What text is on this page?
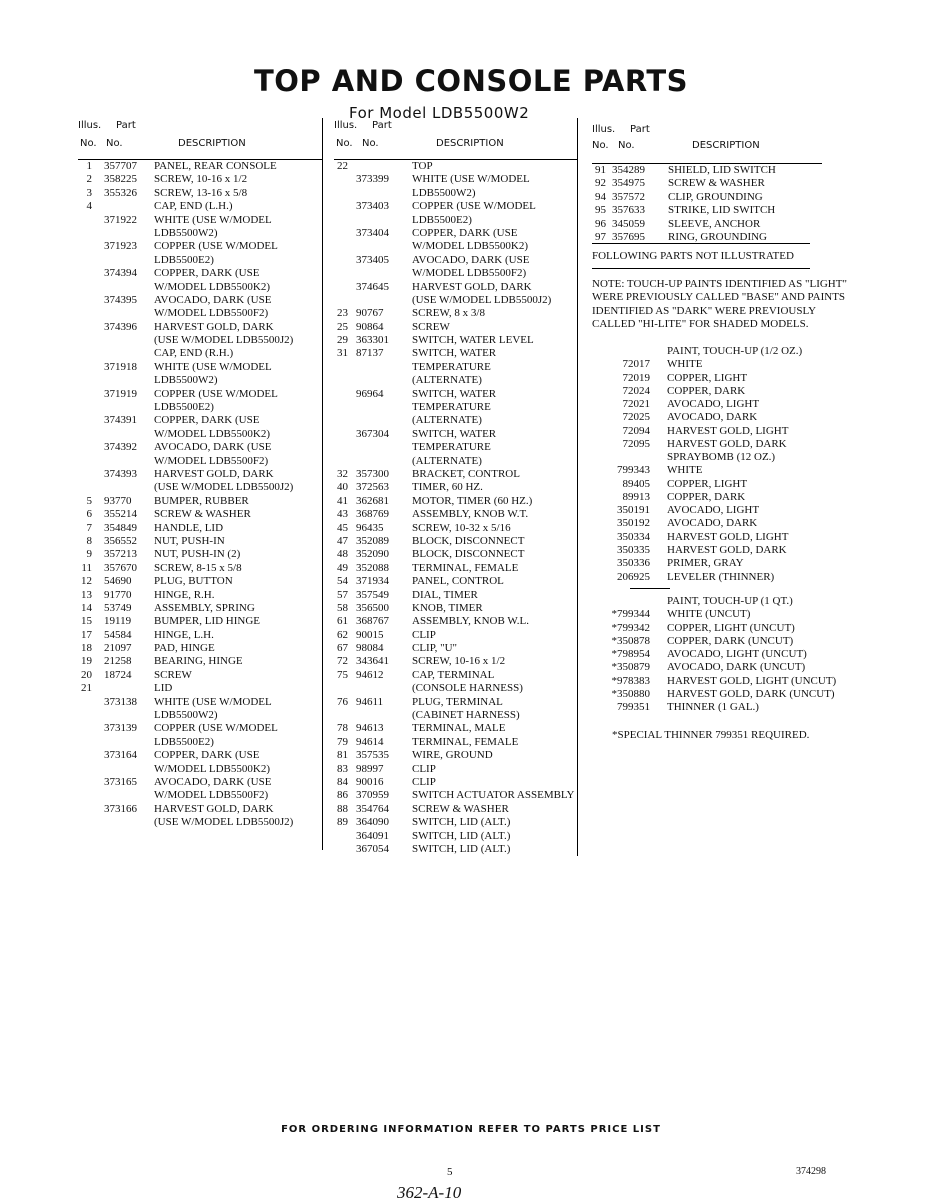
TOP AND CONSOLE PARTS
For Model LDB5500W2
Illus. Part
No. No.	DESCRIPTION
1 357707 PANEL, REAR CONSOLE
2 358225 SCREW, 10-16 x 1/2
3 355326 SCREW, 13-16 x 5/8
4	CAP, END (L.H.)
371922 WHITE (USE W/MODEL
LDB5500W2)
371923 COPPER (USE W/MODEL
LDB5500E2)
374394 COPPER, DARK (USE
W/MODEL LDB5500K2)
374395 AVOCADO, DARK (USE
W/MODEL LDB5500F2)
374396 HARVEST GOLD, DARK
(USE W/MODEL LDB5500J2)
CAP, END (R.H.)
371918 WHITE (USE W/MODEL
LDB5500W2)
371919 COPPER (USE W/MODEL
LDB5500E2)
374391 COPPER, DARK (USE
W/MODEL LDB5500K2)
374392 AVOCADO, DARK (USE
W/MODEL LDB5500F2)
374393 HARVEST GOLD, DARK
(USE W/MODEL LDB5500J2)
5 93770 BUMPER, RUBBER
6 355214 SCREW & WASHER
7 354849 HANDLE, LID
8 356552 NUT, PUSH-IN
9 357213 NUT, PUSH-IN (2)
11 357670 SCREW, 8-15 x 5/8
12 54690 PLUG, BUTTON
13 91770 HINGE, R.H.
14 53749 ASSEMBLY, SPRING
15 19119 BUMPER, LID HINGE
17 54584 HINGE, L.H.
18 21097 PAD, HINGE
19 21258 BEARING, HINGE
20 18724 SCREW
21	LID
373138 WHITE (USE W/MODEL
LDB5500W2)
373139 COPPER (USE W/MODEL
LDB5500E2)
373164 COPPER, DARK (USE
W/MODEL LDB5500K2)
373165 AVOCADO, DARK (USE
W/MODEL LDB5500F2)
373166 HARVEST GOLD, DARK
(USE W/MODEL LDB5500J2)
Illus. Part
No. No.	DESCRIPTION
22	TOP
373399 WHITE (USE W/MODEL
LDB5500W2)
373403 COPPER (USE W/MODEL
LDB5500E2)
373404 COPPER, DARK (USE
W/MODEL LDB5500K2)
373405 AVOCADO, DARK (USE
W/MODEL LDB5500F2)
374645 HARVEST GOLD, DARK
(USE W/MODEL LDB5500J2)
23 90767	SCREW, 8 x 3/8
25 90864	SCREW
29 363301 SWITCH, WATER LEVEL
31 87137	SWITCH, WATER
TEMPERATURE
(ALTERNATE)
96964	SWITCH, WATER
TEMPERATURE
(ALTERNATE)
367304 SWITCH, WATER
TEMPERATURE
(ALTERNATE)
32 357300 BRACKET, CONTROL
40 372563 TIMER, 60 HZ.
41 362681 MOTOR, TIMER (60 HZ.)
43 368769 ASSEMBLY, KNOB W.T.
45 96435	SCREW, 10-32 x 5/16
47 352089 BLOCK, DISCONNECT
48 352090 BLOCK, DISCONNECT
49 352088 TERMINAL, FEMALE
54 371934 PANEL, CONTROL
57 357549 DIAL, TIMER
58 356500 KNOB, TIMER
61 368767 ASSEMBLY, KNOB W.L.
62 90015	CLIP
67 98084	CLIP, "U"
72 343641 SCREW, 10-16 x 1/2
75 94612	CAP, TERMINAL
(CONSOLE HARNESS)
76 94611	PLUG, TERMINAL
(CABINET HARNESS)
78 94613	TERMINAL, MALE
79 94614	TERMINAL, FEMALE
81 357535 WIRE, GROUND
83 98997	CLIP
84 90016	CLIP
86 370959 SWITCH ACTUATOR ASSEMBLY
88 354764 SCREW & WASHER
89 364090 SWITCH, LID (ALT.)
364091 SWITCH, LID (ALT.)
367054 SWITCH, LID (ALT.)
Illus. Part
No. No.	DESCRIPTION
91 354289 SHIELD, LID SWITCH
92 354975 SCREW & WASHER
94 357572 CLIP, GROUNDING
95 357633 STRIKE, LID SWITCH
96 345059 SLEEVE, ANCHOR
97 357695 RING, GROUNDING
FOLLOWING PARTS NOT ILLUSTRATED
NOTE: TOUCH-UP PAINTS IDENTIFIED AS "LIGHT"
WERE PREVIOUSLY CALLED "BASE" AND PAINTS
IDENTIFIED AS "DARK" WERE PREVIOUSLY
CALLED "HI-LITE" FOR SHADED MODELS.
PAINT, TOUCH-UP (1/2 OZ.)
72017 WHITE
72019 COPPER, LIGHT
72024 COPPER, DARK
72021 AVOCADO, LIGHT
72025 AVOCADO, DARK
72094 HARVEST GOLD, LIGHT
72095 HARVEST GOLD, DARK
SPRAYBOMB (12 OZ.)
799343 WHITE
89405 COPPER, LIGHT
89913 COPPER, DARK
350191 AVOCADO, LIGHT
350192 AVOCADO, DARK
350334 HARVEST GOLD, LIGHT
350335 HARVEST GOLD, DARK
350336 PRIMER, GRAY
206925 LEVELER (THINNER)
PAINT, TOUCH-UP (1 QT.)
*799344 WHITE (UNCUT)
*799342 COPPER, LIGHT (UNCUT)
*350878 COPPER, DARK (UNCUT)
*798954 AVOCADO, LIGHT (UNCUT)
*350879 AVOCADO, DARK (UNCUT)
*978383 HARVEST GOLD, LIGHT (UNCUT)
*350880 HARVEST GOLD, DARK (UNCUT)
799351 THINNER (1 GAL.)
*SPECIAL THINNER 799351 REQUIRED.
FOR ORDERING INFORMATION REFER TO PARTS PRICE LIST
5	374298
362-A-10
